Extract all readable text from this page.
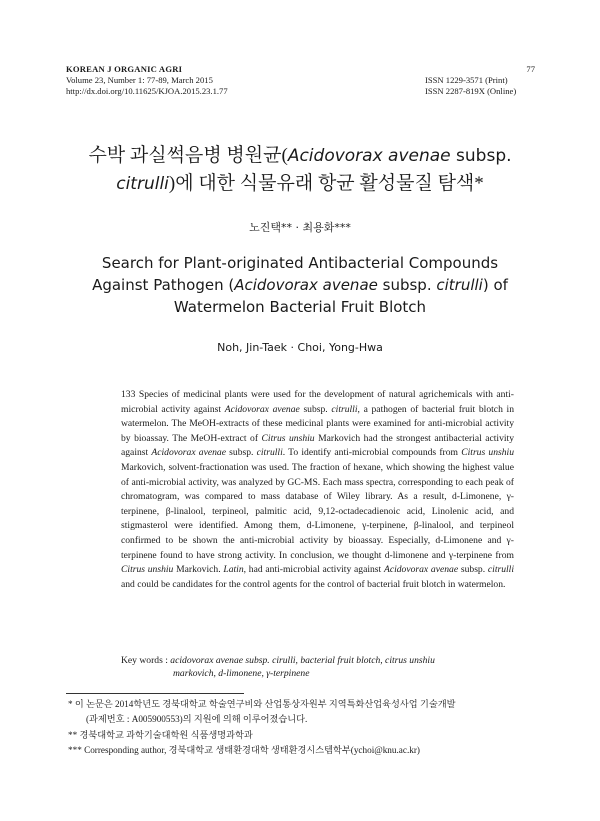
KOREAN J ORGANIC AGRI
Volume 23, Number 1: 77-89, March 2015
http://dx.doi.org/10.11625/KJOA.2015.23.1.77
77
ISSN 1229-3571 (Print)
ISSN 2287-819X (Online)
수박 과실썩음병 병원균(Acidovorax avenae subsp.
citrulli)에 대한 식물유래 항균 활성물질 탐색*
노진택** · 최용화***
Search for Plant-originated Antibacterial Compounds
Against Pathogen (Acidovorax avenae subsp. citrulli) of
Watermelon Bacterial Fruit Blotch
Noh, Jin-Taek · Choi, Yong-Hwa
133 Species of medicinal plants were used for the development of natural agrichemicals with anti-microbial activity against Acidovorax avenae subsp. citrulli, a pathogen of bacterial fruit blotch in watermelon. The MeOH-extracts of these medicinal plants were examined for anti-microbial activity by bioassay. The MeOH-extract of Citrus unshiu Markovich had the strongest antibacterial activity against Acidovorax avenae subsp. citrulli. To identify anti-microbial compounds from Citrus unshiu Markovich, solvent-fractionation was used. The fraction of hexane, which showing the highest value of anti-microbial activity, was analyzed by GC-MS. Each mass spectra, corresponding to each peak of chromatogram, was compared to mass database of Wiley library. As a result, d-Limonene, γ-terpinene, β-linalool, terpineol, palmitic acid, 9,12-octadecadienoic acid, Linolenic acid, and stigmasterol were identified. Among them, d-Limonene, γ-terpinene, β-linalool, and terpineol confirmed to be shown the anti-microbial activity by bioassay. Especially, d-Limonene and γ-terpinene found to have strong activity. In conclusion, we thought d-limonene and γ-terpinene from Citrus unshiu Markovich. Latin, had anti-microbial activity against Acidovorax avenae subsp. citrulli and could be candidates for the control agents for the control of bacterial fruit blotch in watermelon.
Key words : acidovorax avenae subsp. cirulli, bacterial fruit blotch, citrus unshiu
markovich, d-limonene, γ-terpinene
* 이 논문은 2014학년도 경북대학교 학술연구비와 산업통상자원부 지역특화산업육성사업 기술개발
(과제번호 : A005900553)의 지원에 의해 이루어졌습니다.
** 경북대학교 과학기술대학원 식품생명과학과
*** Corresponding author, 경북대학교 생태환경대학 생태환경시스템학부(ychoi@knu.ac.kr)
